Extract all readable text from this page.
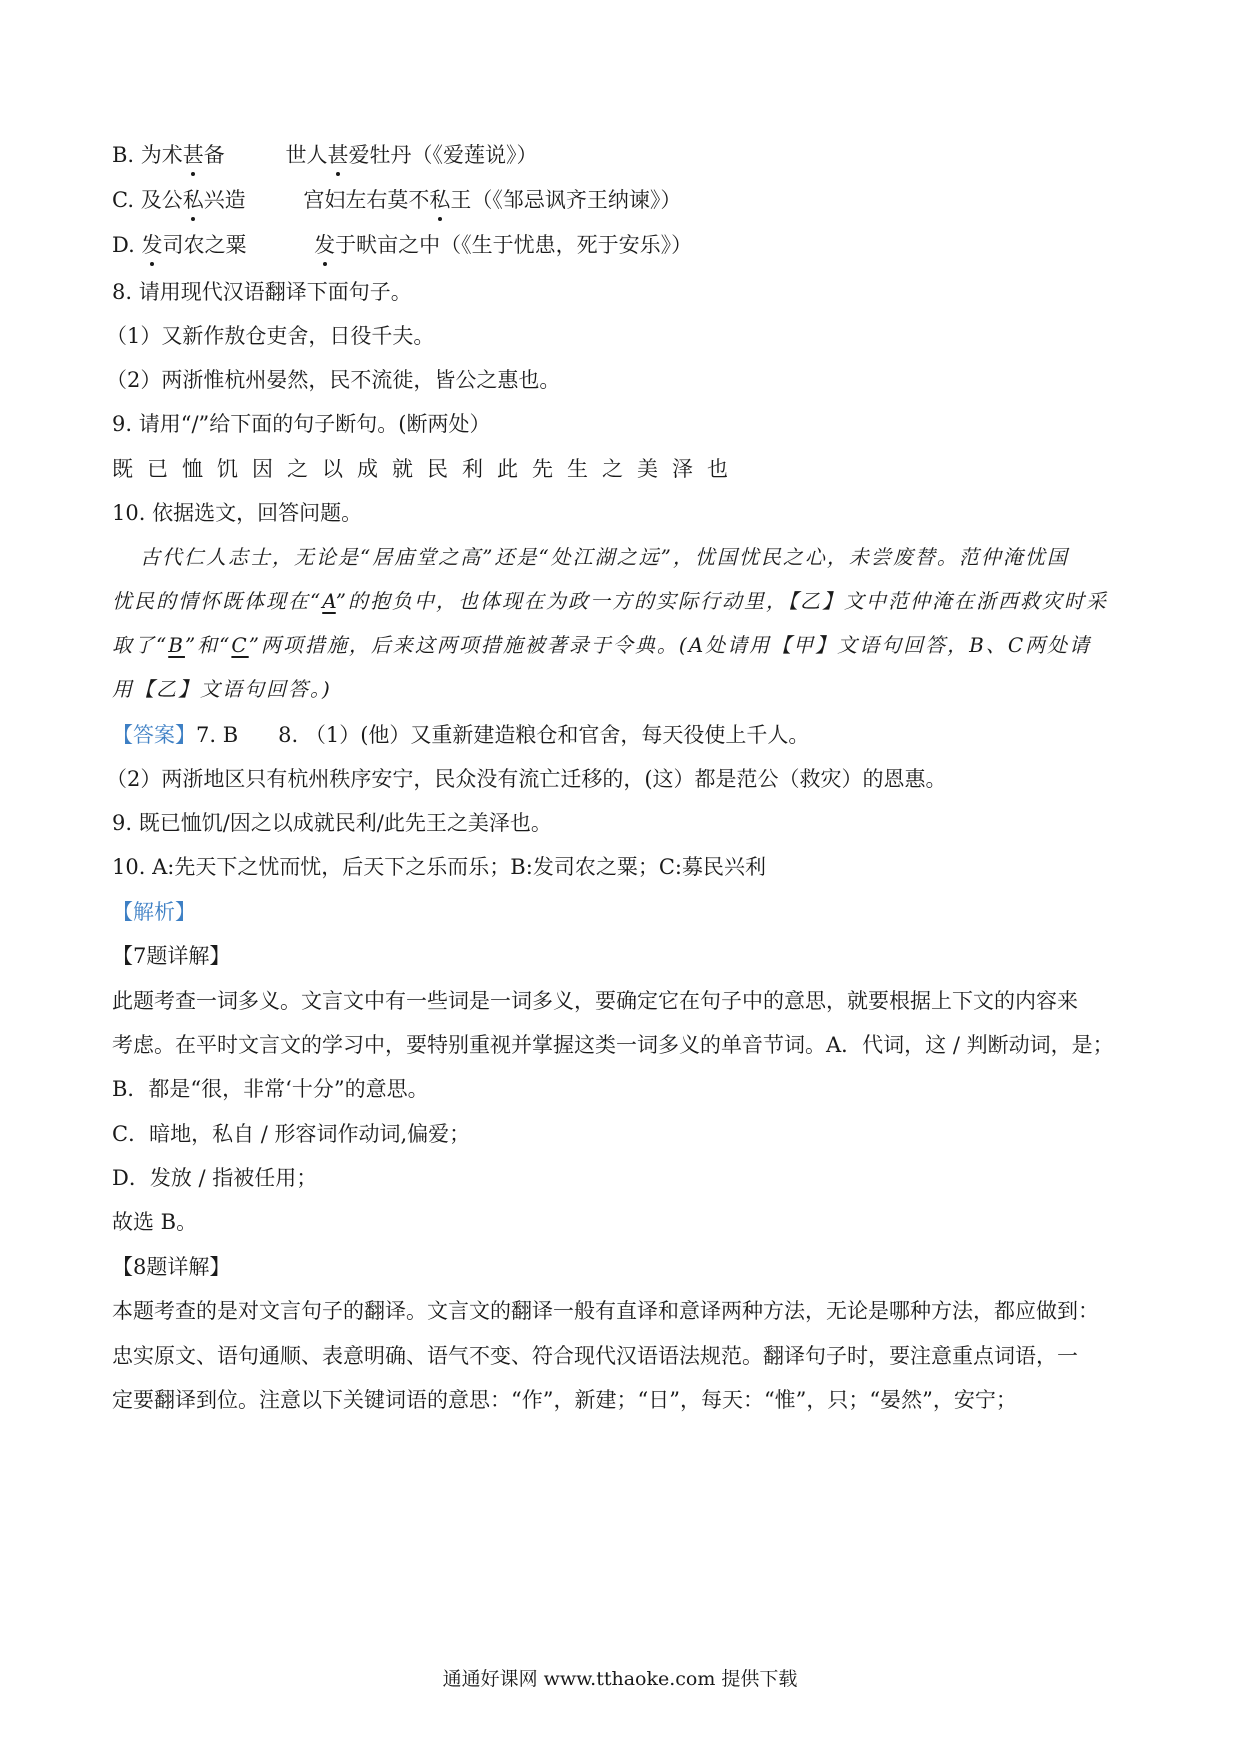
B. 为术甚备	世人甚爱牡丹（《爱莲说》）

C. 及公私兴造	宫妇左右莫不私王（《邹忌讽齐王纳谏》）

D. 发司农之粟	发于畎亩之中（《生于忧患，死于安乐》）

8. 请用现代汉语翻译下面句子。

（1）又新作敖仓吏舍，日役千夫。

（2）两浙惟杭州晏然，民不流徙，皆公之惠也。

9. 请用“/”给下面的句子断句。(断两处）

既已恤饥因之以成就民利此先生之美泽也

10. 依据选文，回答问题。

古代仁人志士，无论是“居庙堂之高”还是“处江湖之远”，忧国忧民之心，未尝废替。范仲淹忧国

忧民的情怀既体现在“A”的抱负中，也体现在为政一方的实际行动里，【乙】文中范仲淹在浙西救灾时采

取了“B”和“C”两项措施，后来这两项措施被著录于令典。(A处请用【甲】文语句回答，B、C两处请

用【乙】文语句回答。)

【答案】7. B 8. （1）(他）又重新建造粮仓和官舍，每天役使上千人。

（2）两浙地区只有杭州秩序安宁，民众没有流亡迁移的，(这）都是范公（救灾）的恩惠。

9. 既已恤饥/因之以成就民利/此先王之美泽也。

10. A:先天下之忧而忧，后天下之乐而乐；B:发司农之粟；C:募民兴利

【解析】

【7题详解】

此题考查一词多义。文言文中有一些词是一词多义，要确定它在句子中的意思，就要根据上下文的内容来

考虑。在平时文言文的学习中，要特别重视并掌握这类一词多义的单音节词。A．代词，这 / 判断动词，是；

B．都是“很，非常‘十分”的意思。

C．暗地，私自 / 形容词作动词,偏爱；

D．发放 / 指被任用；

故选 B。

【8题详解】

本题考查的是对文言句子的翻译。文言文的翻译一般有直译和意译两种方法，无论是哪种方法，都应做到：

忠实原文、语句通顺、表意明确、语气不变、符合现代汉语语法规范。翻译句子时，要注意重点词语，一

定要翻译到位。注意以下关键词语的意思：“作”，新建；“日”，每天：“惟”，只；“晏然”，安宁；

通通好课网 www.tthaoke.com 提供下载
